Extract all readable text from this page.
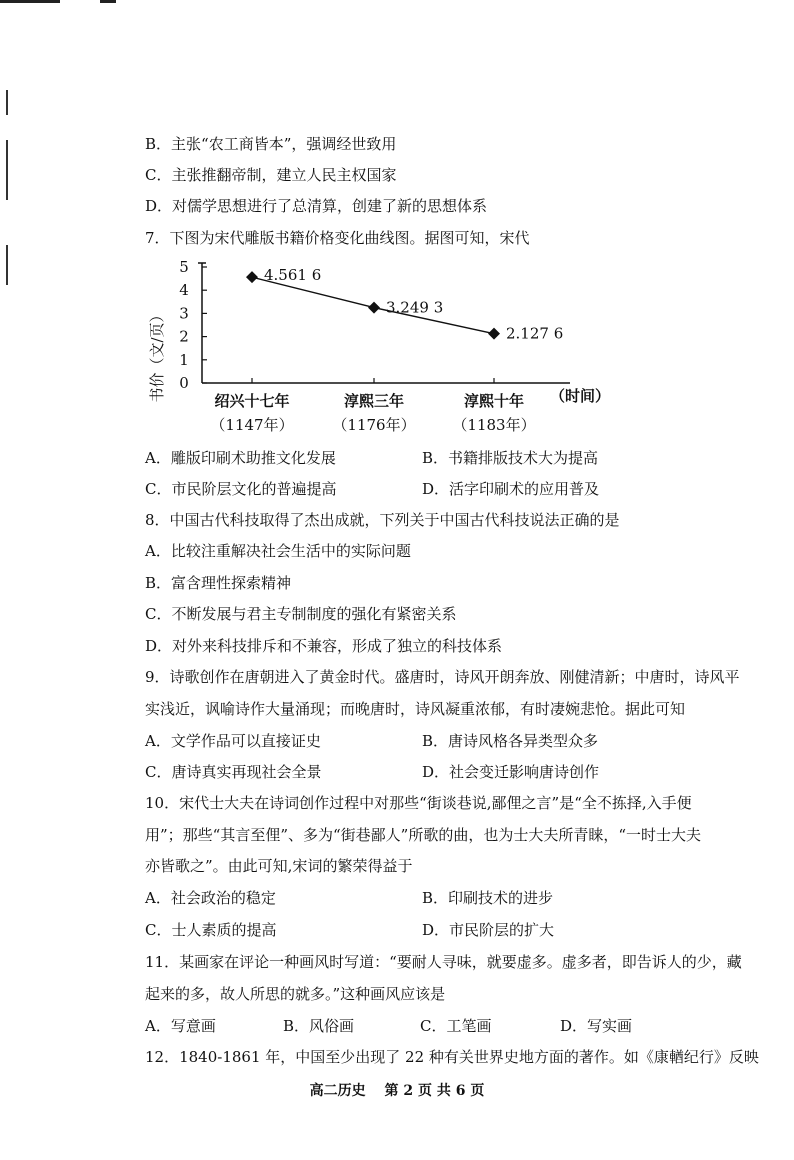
B．主张“农工商皆本”，强调经世致用
C．主张推翻帝制，建立人民主权国家
D．对儒学思想进行了总清算，创建了新的思想体系
7．下图为宋代雕版书籍价格变化曲线图。据图可知，宋代
书价（文/页）	（时间）
0
1
2
3
4
5	4.561 6
3.249 3
2.127 6
绍兴十七年
（1147年）
淳熙三年
（1176年）
淳熙十年
（1183年）
A．雕版印刷术助推文化发展	B．书籍排版技术大为提高
C．市民阶层文化的普遍提高	D．活字印刷术的应用普及
8．中国古代科技取得了杰出成就，下列关于中国古代科技说法正确的是
A．比较注重解决社会生活中的实际问题
B．富含理性探索精神
C．不断发展与君主专制制度的强化有紧密关系
D．对外来科技排斥和不兼容，形成了独立的科技体系
9．诗歌创作在唐朝进入了黄金时代。盛唐时，诗风开朗奔放、刚健清新；中唐时，诗风平
实浅近，讽喻诗作大量涌现；而晚唐时，诗风凝重浓郁，有时凄婉悲怆。据此可知
A．文学作品可以直接证史	B．唐诗风格各异类型众多
C．唐诗真实再现社会全景	D．社会变迁影响唐诗创作
10．宋代士大夫在诗词创作过程中对那些“街谈巷说,鄙俚之言”是“全不拣择,入手便
用”；那些“其言至俚”、多为“街巷鄙人”所歌的曲，也为士大夫所青睐，“一时士大夫
亦皆歌之”。由此可知,宋词的繁荣得益于
A．社会政治的稳定	B．印刷技术的进步
C．士人素质的提高	D．市民阶层的扩大
11．某画家在评论一种画风时写道：“要耐人寻味，就要虚多。虚多者，即告诉人的少，藏
起来的多，故人所思的就多。”这种画风应该是
A．写意画	B．风俗画	C．工笔画	D．写实画
12．1840-1861 年，中国至少出现了 22 种有关世界史地方面的著作。如《康輶纪行》反映
高二历史　 第 2 页 共 6 页
